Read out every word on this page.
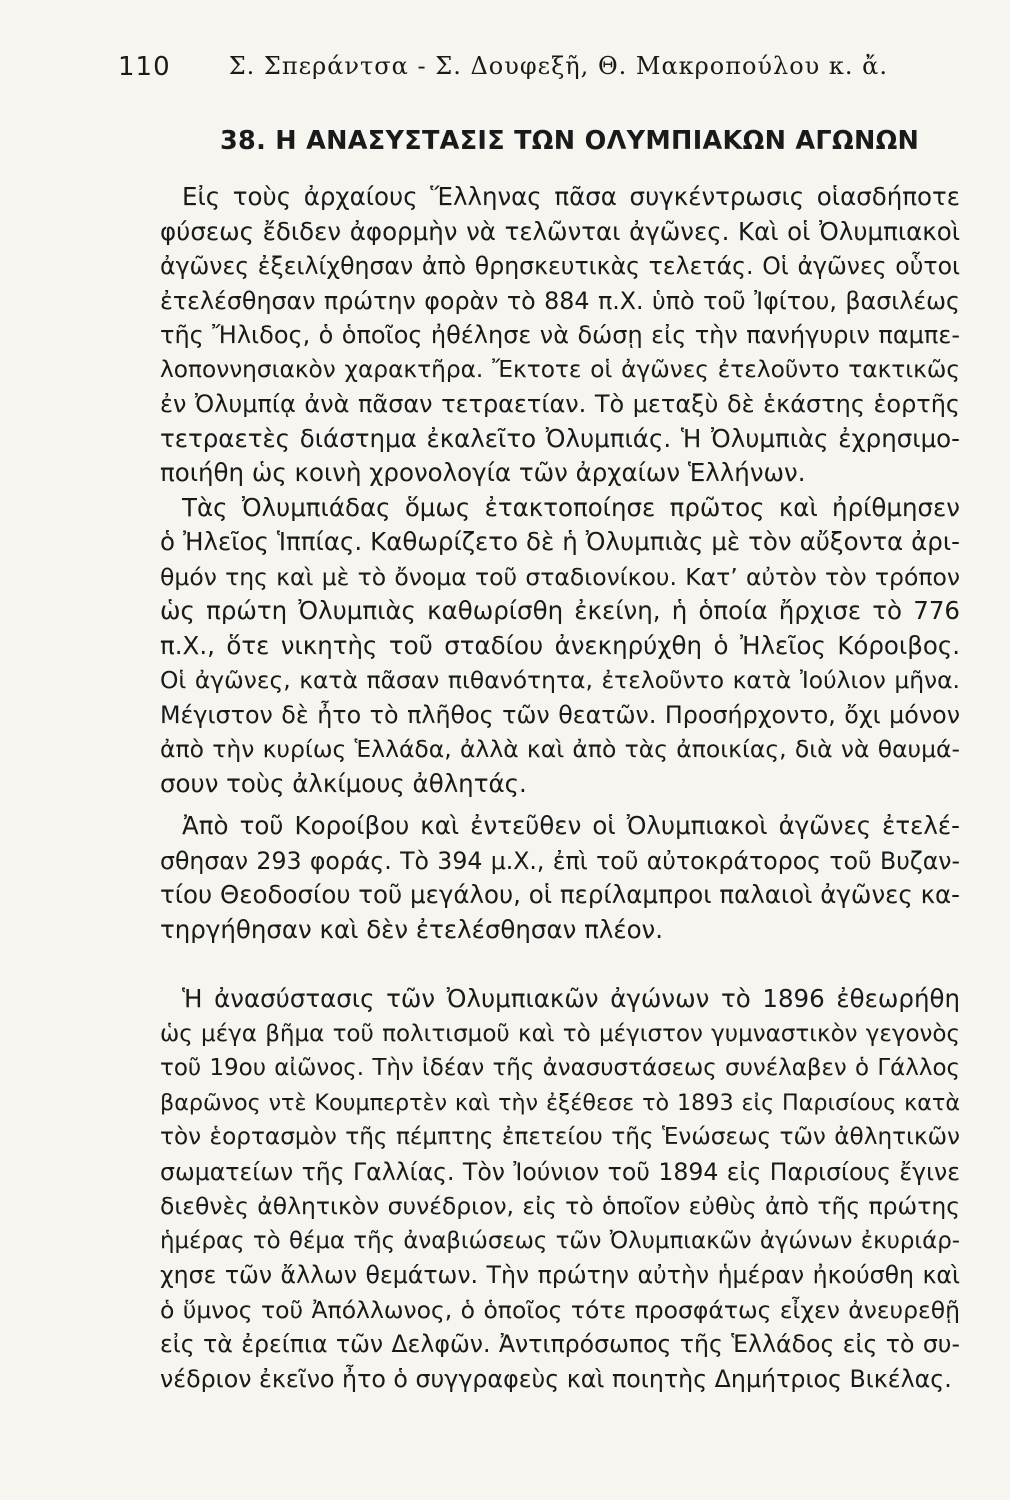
110 Σ. Σπεράντσα - Σ. Δουφεξῆ, Θ. Μακροπούλου κ. ἄ.
38. Η ΑΝΑΣΥΣΤΑΣΙΣ ΤΩΝ ΟΛΥΜΠΙΑΚΩΝ ΑΓΩΝΩΝ
Εἰς τοὺς ἀρχαίους Ἕλληνας πᾶσα συγκέντρωσις οἱασδήποτε
φύσεως ἔδιδεν ἀφορμὴν νὰ τελῶνται ἀγῶνες. Καὶ οἱ Ὀλυμπιακοὶ
ἀγῶνες ἐξειλίχθησαν ἀπὸ θρησκευτικὰς τελετάς. Οἱ ἀγῶνες οὗτοι
ἐτελέσθησαν πρώτην φορὰν τὸ 884 π.Χ. ὑπὸ τοῦ Ἰφίτου, βασιλέως
τῆς Ἤλιδος, ὁ ὁποῖος ἠθέλησε νὰ δώσῃ εἰς τὴν πανήγυριν παμπε-
λοποννησιακὸν χαρακτῆρα. Ἔκτοτε οἱ ἀγῶνες ἐτελοῦντο τακτικῶς
ἐν Ὀλυμπίᾳ ἀνὰ πᾶσαν τετραετίαν. Τὸ μεταξὺ δὲ ἑκάστης ἑορτῆς
τετραετὲς διάστημα ἐκαλεῖτο Ὀλυμπιάς. Ἡ Ὀλυμπιὰς ἐχρησιμο-
ποιήθη ὡς κοινὴ χρονολογία τῶν ἀρχαίων Ἑλλήνων.
Τὰς Ὀλυμπιάδας ὅμως ἐτακτοποίησε πρῶτος καὶ ἠρίθμησεν
ὁ Ἠλεῖος Ἱππίας. Καθωρίζετο δὲ ἡ Ὀλυμπιὰς μὲ τὸν αὔξοντα ἀρι-
θμόν της καὶ μὲ τὸ ὄνομα τοῦ σταδιονίκου. Κατ’ αὐτὸν τὸν τρόπον
ὡς πρώτη Ὀλυμπιὰς καθωρίσθη ἐκείνη, ἡ ὁποία ἤρχισε τὸ 776
π.Χ., ὅτε νικητὴς τοῦ σταδίου ἀνεκηρύχθη ὁ Ἠλεῖος Κόροιβος.
Οἱ ἀγῶνες, κατὰ πᾶσαν πιθανότητα, ἐτελοῦντο κατὰ Ἰούλιον μῆνα.
Μέγιστον δὲ ἦτο τὸ πλῆθος τῶν θεατῶν. Προσήρχοντο, ὄχι μόνον
ἀπὸ τὴν κυρίως Ἑλλάδα, ἀλλὰ καὶ ἀπὸ τὰς ἀποικίας, διὰ νὰ θαυμά-
σουν τοὺς ἀλκίμους ἀθλητάς.
Ἀπὸ τοῦ Κοροίβου καὶ ἐντεῦθεν οἱ Ὀλυμπιακοὶ ἀγῶνες ἐτελέ-
σθησαν 293 φοράς. Τὸ 394 μ.Χ., ἐπὶ τοῦ αὐτοκράτορος τοῦ Βυζαν-
τίου Θεοδοσίου τοῦ μεγάλου, οἱ περίλαμπροι παλαιοὶ ἀγῶνες κα-
τηργήθησαν καὶ δὲν ἐτελέσθησαν πλέον.
Ἡ ἀνασύστασις τῶν Ὀλυμπιακῶν ἀγώνων τὸ 1896 ἐθεωρήθη
ὡς μέγα βῆμα τοῦ πολιτισμοῦ καὶ τὸ μέγιστον γυμναστικὸν γεγονὸς
τοῦ 19ου αἰῶνος. Τὴν ἰδέαν τῆς ἀνασυστάσεως συνέλαβεν ὁ Γάλλος
βαρῶνος ντὲ Κουμπερτὲν καὶ τὴν ἐξέθεσε τὸ 1893 εἰς Παρισίους κατὰ
τὸν ἑορτασμὸν τῆς πέμπτης ἐπετείου τῆς Ἑνώσεως τῶν ἀθλητικῶν
σωματείων τῆς Γαλλίας. Τὸν Ἰούνιον τοῦ 1894 εἰς Παρισίους ἔγινε
διεθνὲς ἀθλητικὸν συνέδριον, εἰς τὸ ὁποῖον εὐθὺς ἀπὸ τῆς πρώτης
ἡμέρας τὸ θέμα τῆς ἀναβιώσεως τῶν Ὀλυμπιακῶν ἀγώνων ἐκυριάρ-
χησε τῶν ἄλλων θεμάτων. Τὴν πρώτην αὐτὴν ἡμέραν ἠκούσθη καὶ
ὁ ὕμνος τοῦ Ἀπόλλωνος, ὁ ὁποῖος τότε προσφάτως εἶχεν ἀνευρεθῇ
εἰς τὰ ἐρείπια τῶν Δελφῶν. Ἀντιπρόσωπος τῆς Ἑλλάδος εἰς τὸ συ-
νέδριον ἐκεῖνο ἦτο ὁ συγγραφεὺς καὶ ποιητὴς Δημήτριος Βικέλας.
